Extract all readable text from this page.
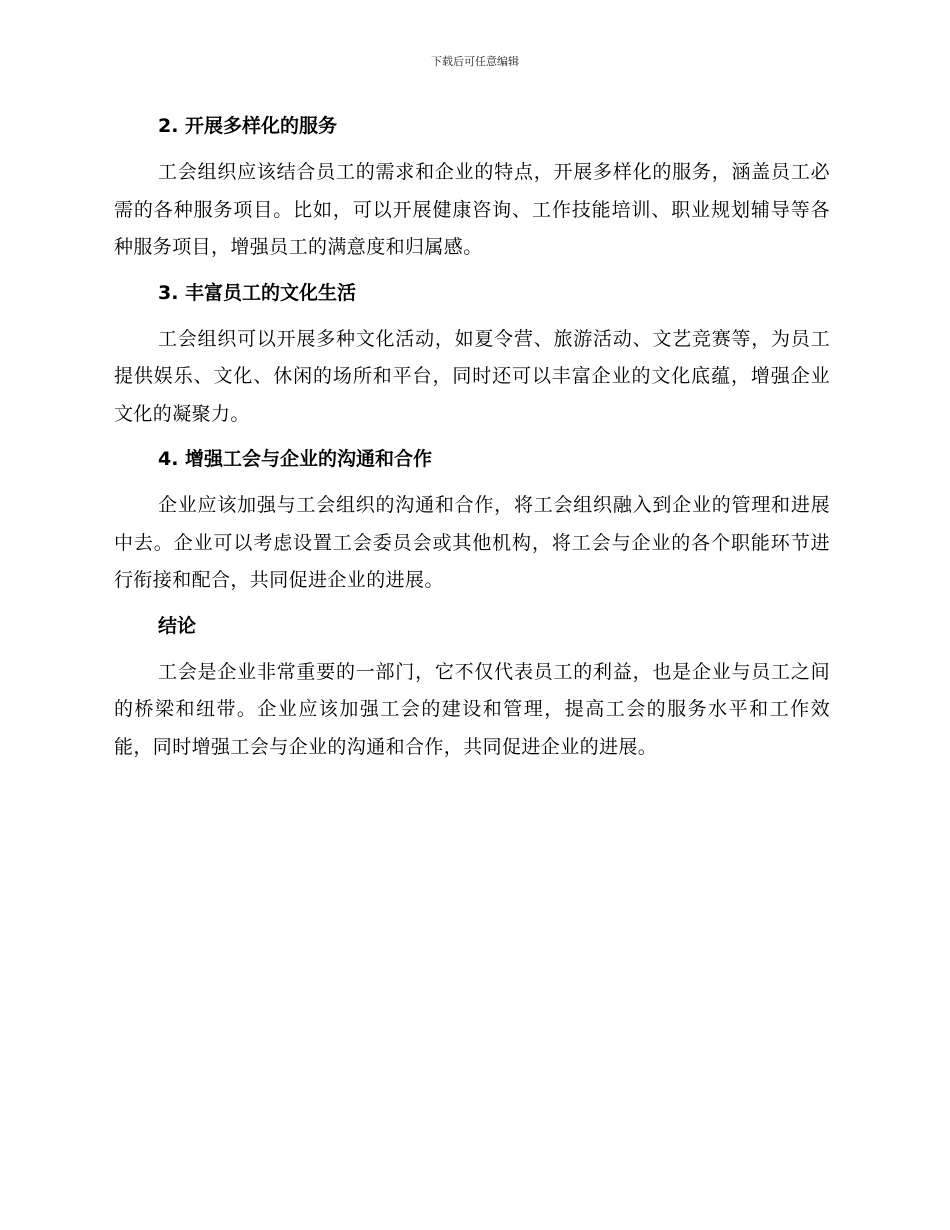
下载后可任意编辑
2. 开展多样化的服务

工会组织应该结合员工的需求和企业的特点，开展多样化的服务，涵盖员工必需的各种服务项目。比如，可以开展健康咨询、工作技能培训、职业规划辅导等各种服务项目，增强员工的满意度和归属感。

3. 丰富员工的文化生活

工会组织可以开展多种文化活动，如夏令营、旅游活动、文艺竞赛等，为员工提供娱乐、文化、休闲的场所和平台，同时还可以丰富企业的文化底蕴，增强企业文化的凝聚力。

4. 增强工会与企业的沟通和合作

企业应该加强与工会组织的沟通和合作，将工会组织融入到企业的管理和进展中去。企业可以考虑设置工会委员会或其他机构，将工会与企业的各个职能环节进行衔接和配合，共同促进企业的进展。

结论

工会是企业非常重要的一部门，它不仅代表员工的利益，也是企业与员工之间的桥梁和纽带。企业应该加强工会的建设和管理，提高工会的服务水平和工作效能，同时增强工会与企业的沟通和合作，共同促进企业的进展。
